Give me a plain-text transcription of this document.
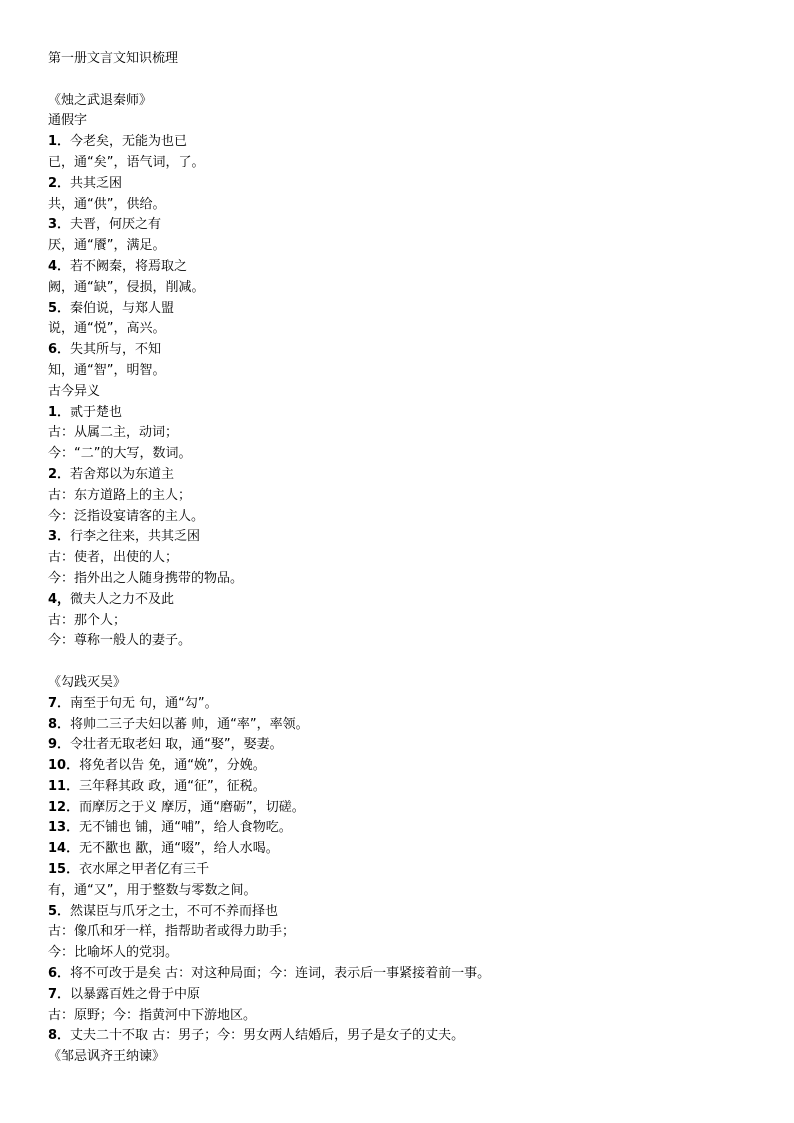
第一册文言文知识梳理
《烛之武退秦师》
通假字
1．今老矣，无能为也已
已，通“矣”，语气词，了。
2．共其乏困
共，通“供”，供给。
3．夫晋，何厌之有
厌，通“餍”，满足。
4．若不阙秦，将焉取之
阙，通“缺”，侵损，削减。
5．秦伯说，与郑人盟
说，通“悦”，高兴。
6．失其所与，不知
知，通“智”，明智。
古今异义
1．贰于楚也
古：从属二主，动词；
今：“二”的大写，数词。
2．若舍郑以为东道主
古：东方道路上的主人；
今：泛指设宴请客的主人。
3．行李之往来，共其乏困
古：使者，出使的人；
今：指外出之人随身携带的物品。
4，微夫人之力不及此
古：那个人；
今：尊称一般人的妻子。
《勾践灭吴》
7．南至于句无 句，通“勾”。
8．将帅二三子夫妇以蕃 帅，通“率”，率领。
9．令壮者无取老妇 取，通“娶”，娶妻。
10．将免者以告 免，通“娩”，分娩。
11．三年释其政 政，通“征”，征税。
12．而摩厉之于义 摩厉，通“磨砺”，切磋。
13．无不铺也 铺，通“哺”，给人食物吃。
14．无不歠也 歠，通“啜”，给人水喝。
15．衣水犀之甲者亿有三千
有，通“又”，用于整数与零数之间。
5．然谋臣与爪牙之士，不可不养而择也
古：像爪和牙一样，指帮助者或得力助手；
今：比喻坏人的党羽。
6．将不可改于是矣 古：对这种局面；今：连词，表示后一事紧接着前一事。
7．以暴露百姓之骨于中原
古：原野；今：指黄河中下游地区。
8．丈夫二十不取 古：男子；今：男女两人结婚后，男子是女子的丈夫。
《邹忌讽齐王纳谏》
